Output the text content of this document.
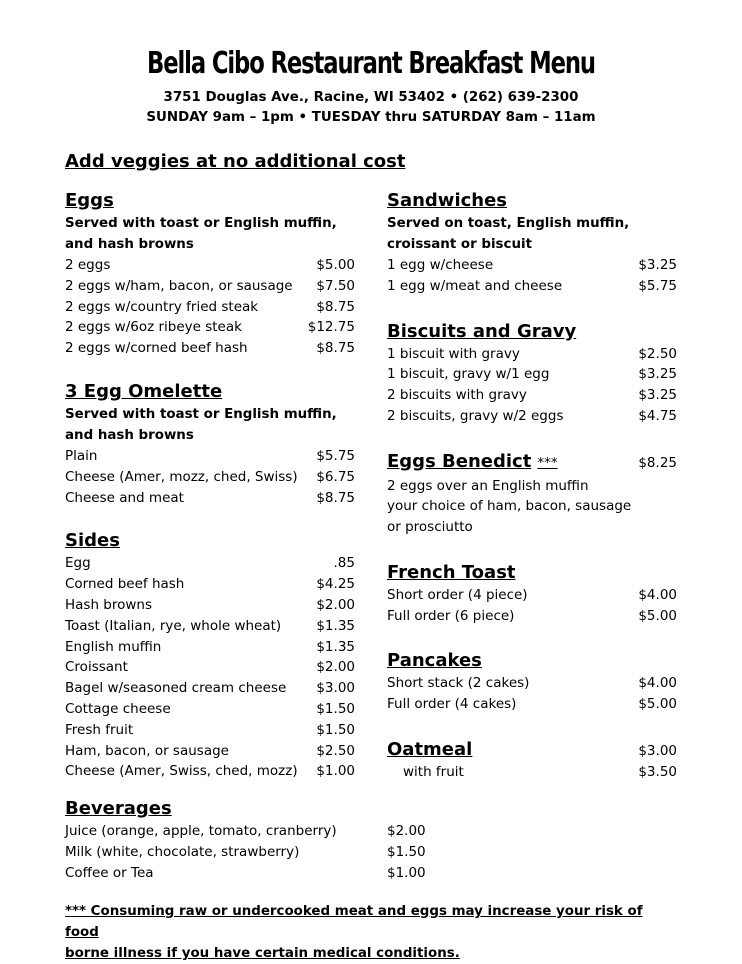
Bella Cibo Restaurant Breakfast Menu
3751 Douglas Ave., Racine, WI 53402 • (262) 639-2300
SUNDAY 9am – 1pm • TUESDAY thru SATURDAY 8am – 11am
Add veggies at no additional cost
Eggs
Served with toast or English muffin,
and hash browns
2 eggs	$5.00
2 eggs w/ham, bacon, or sausage $7.50
2 eggs w/country fried steak	$8.75
2 eggs w/6oz ribeye steak	$12.75
2 eggs w/corned beef hash	$8.75
3 Egg Omelette
Served with toast or English muffin,
and hash browns
Plain	$5.75
Cheese (Amer, mozz, ched, Swiss) $6.75
Cheese and meat	$8.75
Sides
Egg	.85
Corned beef hash	$4.25
Hash browns	$2.00
Toast (Italian, rye, whole wheat)	$1.35
English muffin	$1.35
Croissant	$2.00
Bagel w/seasoned cream cheese $3.00
Cottage cheese	$1.50
Fresh fruit	$1.50
Ham, bacon, or sausage	$2.50
Cheese (Amer, Swiss, ched, mozz) $1.00
Sandwiches
Served on toast, English muffin,
croissant or biscuit
1 egg w/cheese	$3.25
1 egg w/meat and cheese	$5.75
Biscuits and Gravy
1 biscuit with gravy	$2.50
1 biscuit, gravy w/1 egg	$3.25
2 biscuits with gravy	$3.25
2 biscuits, gravy w/2 eggs	$4.75
Eggs Benedict ***	$8.25
2 eggs over an English muffin
your choice of ham, bacon, sausage
or prosciutto
French Toast
Short order (4 piece)	$4.00
Full order (6 piece)	$5.00
Pancakes
Short stack (2 cakes)	$4.00
Full order (4 cakes)	$5.00
Oatmeal	$3.00
with fruit	$3.50
Beverages
Juice (orange, apple, tomato, cranberry)	$2.00
Milk (white, chocolate, strawberry)	$1.50
Coffee or Tea	$1.00
*** Consuming raw or undercooked meat and eggs may increase your risk of food
borne illness if you have certain medical conditions.
